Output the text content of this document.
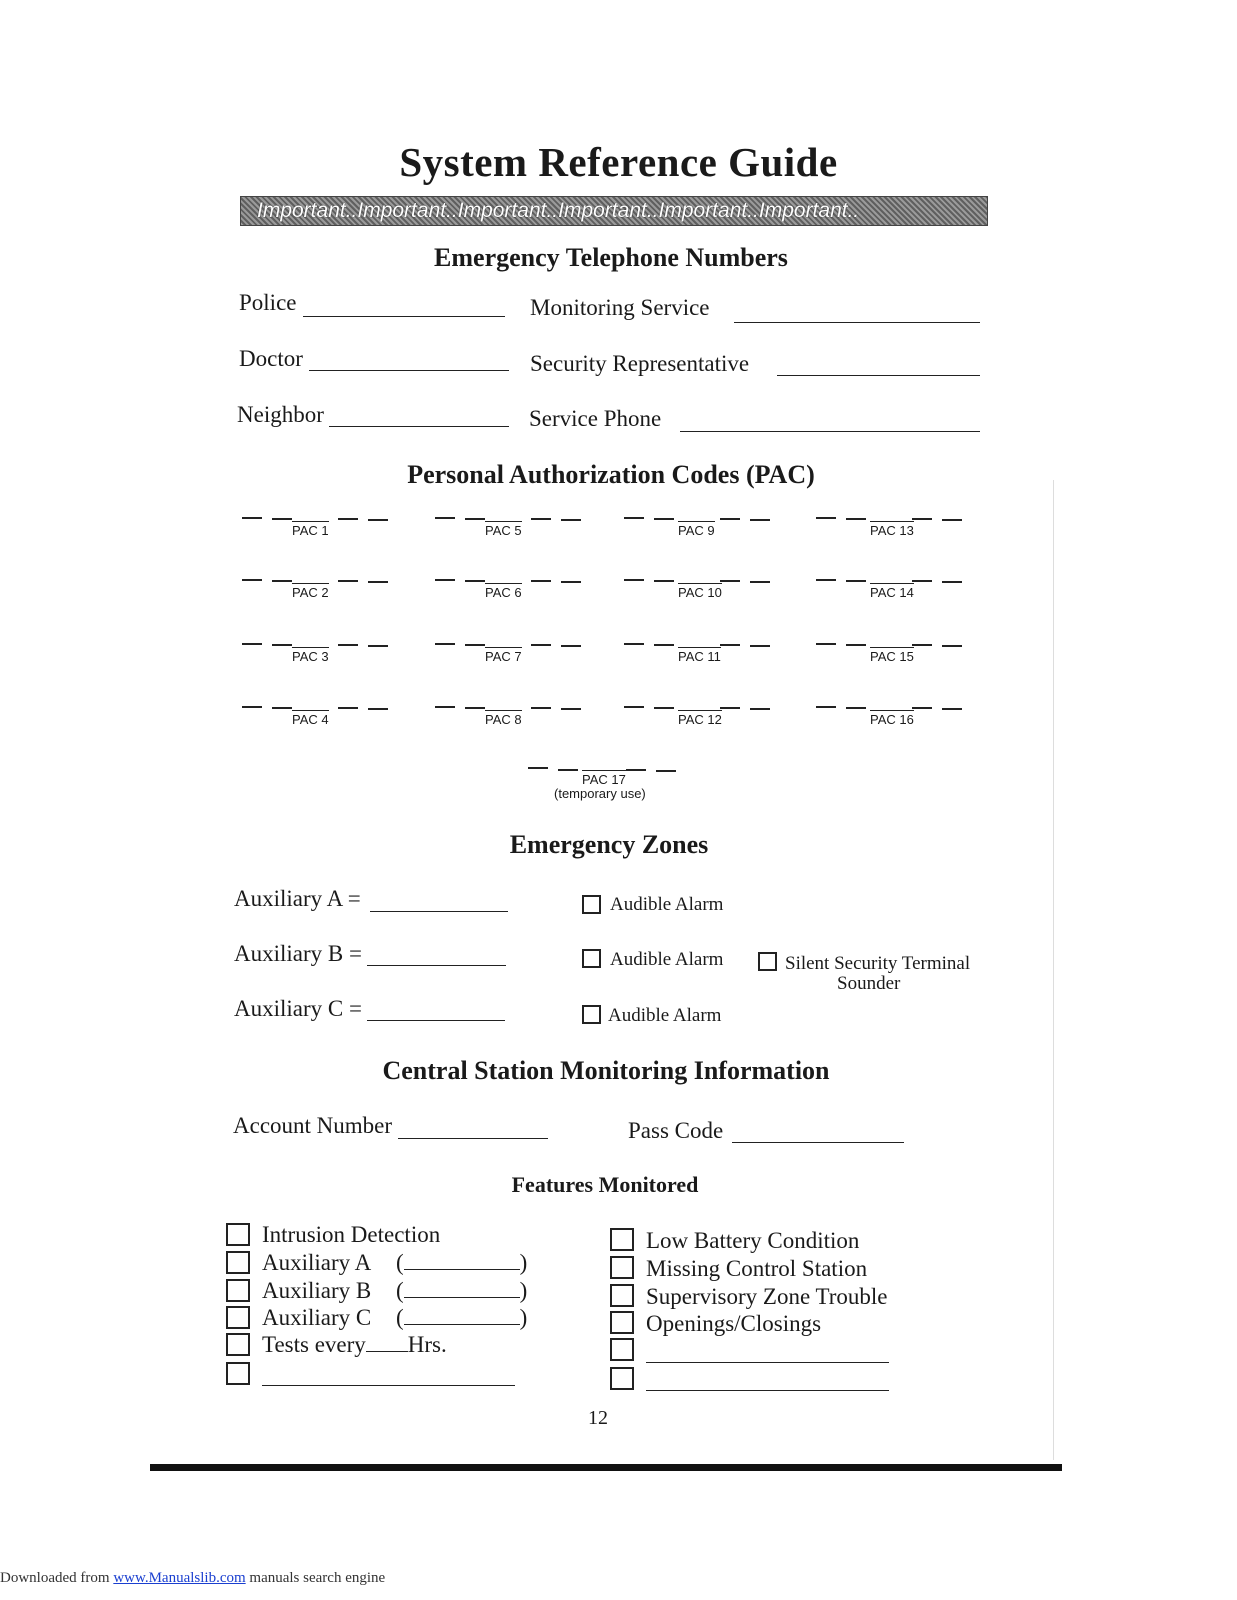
System Reference Guide
Important..Important..Important..Important..Important..Important..
Emergency Telephone Numbers
Police	Monitoring Service
Doctor	Security Representative
Neighbor	Service Phone
Personal Authorization Codes (PAC)
PAC 1
PAC 2
PAC 3
PAC 4
PAC 5
PAC 6
PAC 7
PAC 8
PAC 9
PAC 10
PAC 11
PAC 12
PAC 13
PAC 14
PAC 15
PAC 16
PAC 17
(temporary use)
Emergency Zones
Auxiliary A =	Audible Alarm
Auxiliary B =	Audible Alarm	Silent Security Terminal
Sounder
Auxiliary C =	Audible Alarm
Central Station Monitoring Information
Account Number	Pass Code
Features Monitored
Intrusion Detection
Auxiliary A (	)
Auxiliary B (	)
Auxiliary C (	)
Tests every Hrs.
Low Battery Condition
Missing Control Station
Supervisory Zone Trouble
Openings/Closings
12
Downloaded from www.Manualslib.com manuals search engine
